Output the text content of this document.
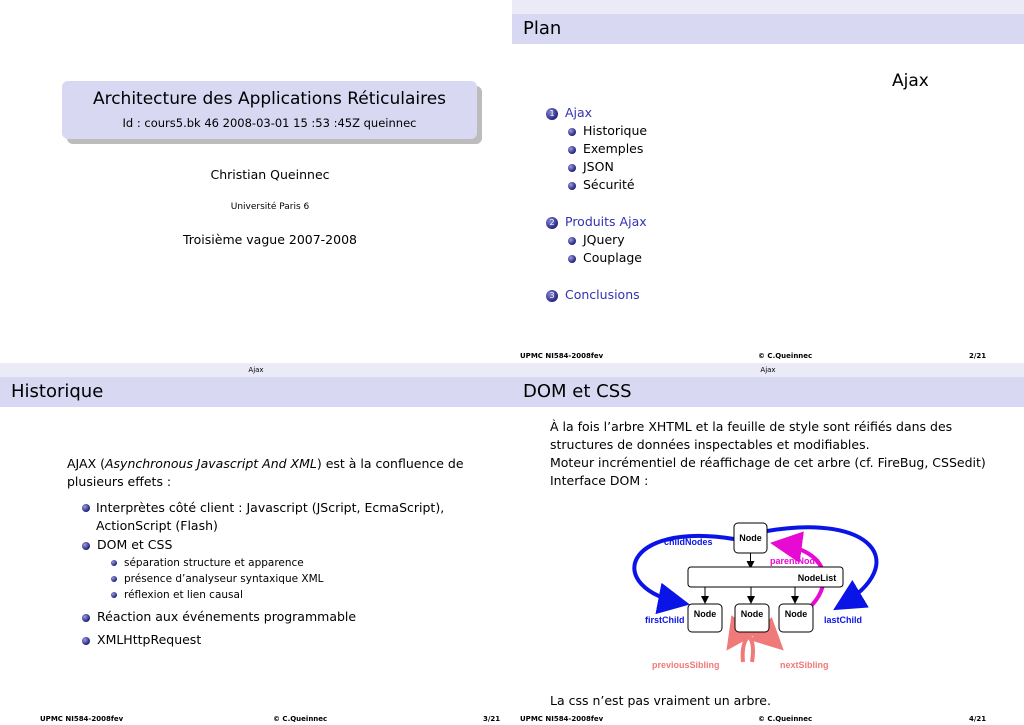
Architecture des Applications Réticulaires
Id : cours5.bk 46 2008-03-01 15 :53 :45Z queinnec
Christian Queinnec
Université Paris 6
Troisième vague 2007-2008
Plan
Ajax
1 Ajax
Historique
Exemples
JSON
Sécurité
2 Produits Ajax
JQuery
Couplage
3 Conclusions
UPMC NI584-2008fev	© C.Queinnec	2/21
Ajax
Historique
AJAX (Asynchronous Javascript And XML) est à la confluence de plusieurs effets :
Interprètes côté client : Javascript (JScript, EcmaScript), ActionScript (Flash)
DOM et CSS
séparation structure et apparence
présence d’analyseur syntaxique XML
réflexion et lien causal
Réaction aux événements programmable
XMLHttpRequest
UPMC NI584-2008fev	© C.Queinnec	3/21
Ajax
DOM et CSS
À la fois l’arbre XHTML et la feuille de style sont réifiés dans des structures de données inspectables et modifiables.
Moteur incrémentiel de réaffichage de cet arbre (cf. FireBug, CSSedit)
Interface DOM :
Node
NodeList
Node	Node Node
childNodes
parentNode
firstChild	lastChild
previousSibling	nextSibling
La css n’est pas vraiment un arbre.
UPMC NI584-2008fev	© C.Queinnec	4/21
